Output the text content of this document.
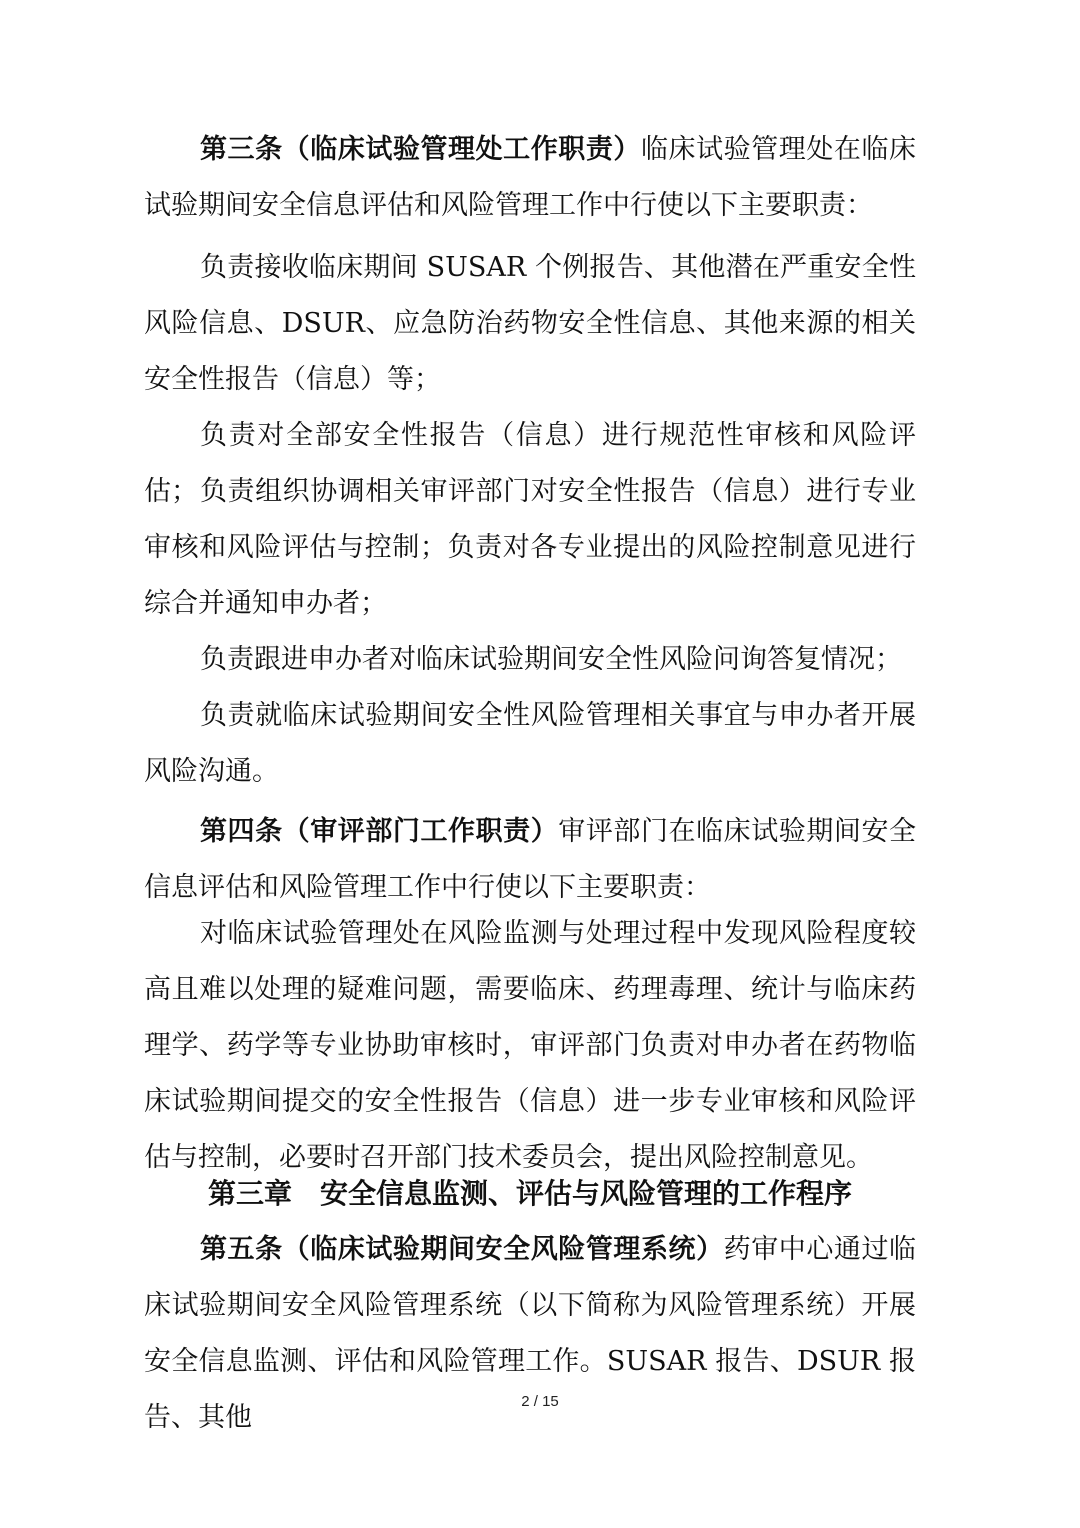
第三条（临床试验管理处工作职责）临床试验管理处在临床试验期间安全信息评估和风险管理工作中行使以下主要职责：

负责接收临床期间 SUSAR 个例报告、其他潜在严重安全性风险信息、DSUR、应急防治药物安全性信息、其他来源的相关安全性报告（信息）等；

负责对全部安全性报告（信息）进行规范性审核和风险评估； 负责组织协调相关审评部门对安全性报告（信息）进行专业审核和风险评估与控制；负责对各专业提出的风险控制意见进行综合并通知申办者；

负责跟进申办者对临床试验期间安全性风险问询答复情况；

负责就临床试验期间安全性风险管理相关事宜与申办者开展风险沟通。

第四条（审评部门工作职责）审评部门在临床试验期间安全信息评估和风险管理工作中行使以下主要职责：

对临床试验管理处在风险监测与处理过程中发现风险程度较高且难以处理的疑难问题，需要临床、药理毒理、统计与临床药理学、药学等专业协助审核时，审评部门负责对申办者在药物临床试验期间提交的安全性报告（信息）进一步专业审核和风险评估与控制，必要时召开部门技术委员会，提出风险控制意见。

第三章　安全信息监测、评估与风险管理的工作程序

第五条（临床试验期间安全风险管理系统）药审中心通过临床试验期间安全风险管理系统（以下简称为风险管理系统）开展安全信息监测、评估和风险管理工作。SUSAR 报告、DSUR 报告、其他

2 / 15
